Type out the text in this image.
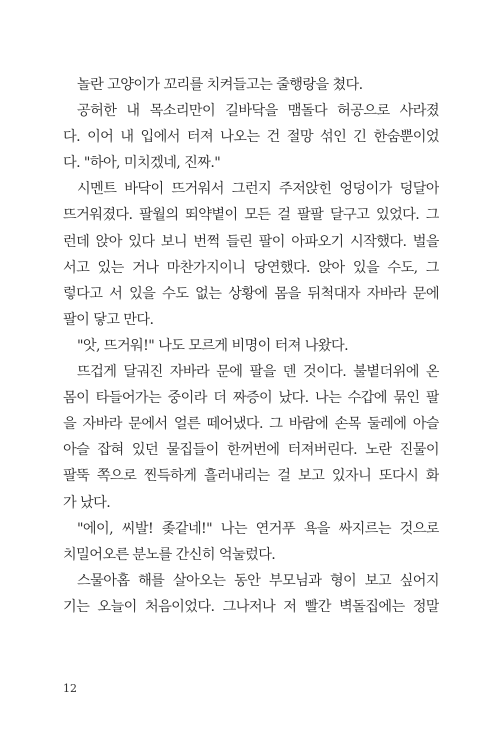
놀란 고양이가 꼬리를 치켜들고는 줄행랑을 쳤다.
공허한 내 목소리만이 길바닥을 맴돌다 허공으로 사라졌
다. 이어 내 입에서 터져 나오는 건 절망 섞인 긴 한숨뿐이었
다. "하아, 미치겠네, 진짜."
시멘트 바닥이 뜨거워서 그런지 주저앉힌 엉덩이가 덩달아
뜨거워졌다. 팔월의 뙤약볕이 모든 걸 팔팔 달구고 있었다. 그
런데 앉아 있다 보니 번쩍 들린 팔이 아파오기 시작했다. 벌을
서고 있는 거나 마찬가지이니 당연했다. 앉아 있을 수도, 그
렇다고 서 있을 수도 없는 상황에 몸을 뒤척대자 자바라 문에
팔이 닿고 만다.
"앗, 뜨거워!" 나도 모르게 비명이 터져 나왔다.
뜨겁게 달궈진 자바라 문에 팔을 덴 것이다. 불볕더위에 온
몸이 타들어가는 중이라 더 짜증이 났다. 나는 수갑에 묶인 팔
을 자바라 문에서 얼른 떼어냈다. 그 바람에 손목 둘레에 아슬
아슬 잡혀 있던 물집들이 한꺼번에 터져버린다. 노란 진물이
팔뚝 쪽으로 찐득하게 흘러내리는 걸 보고 있자니 또다시 화
가 났다.
"에이, 씨발! 좆같네!" 나는 연거푸 욕을 싸지르는 것으로
치밀어오른 분노를 간신히 억눌렀다.
스물아홉 해를 살아오는 동안 부모님과 형이 보고 싶어지
기는 오늘이 처음이었다. 그나저나 저 빨간 벽돌집에는 정말
12
